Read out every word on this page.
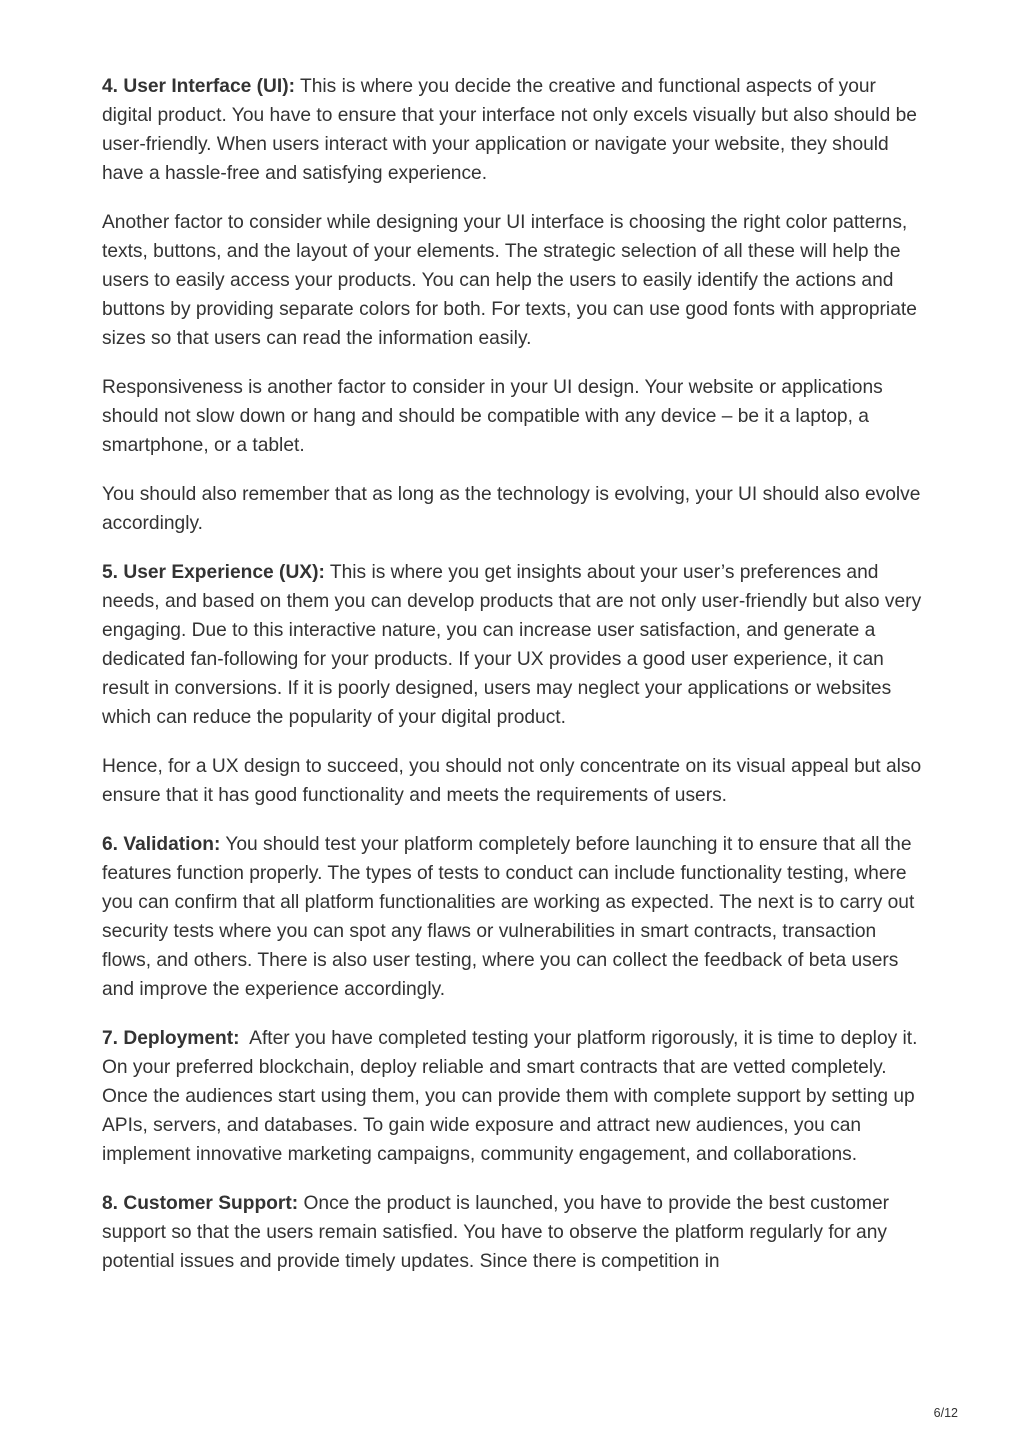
4. User Interface (UI): This is where you decide the creative and functional aspects of your digital product. You have to ensure that your interface not only excels visually but also should be user-friendly. When users interact with your application or navigate your website, they should have a hassle-free and satisfying experience.

Another factor to consider while designing your UI interface is choosing the right color patterns, texts, buttons, and the layout of your elements. The strategic selection of all these will help the users to easily access your products. You can help the users to easily identify the actions and buttons by providing separate colors for both. For texts, you can use good fonts with appropriate sizes so that users can read the information easily.

Responsiveness is another factor to consider in your UI design. Your website or applications should not slow down or hang and should be compatible with any device – be it a laptop, a smartphone, or a tablet.

You should also remember that as long as the technology is evolving, your UI should also evolve accordingly.

5. User Experience (UX): This is where you get insights about your user’s preferences and needs, and based on them you can develop products that are not only user-friendly but also very engaging. Due to this interactive nature, you can increase user satisfaction, and generate a dedicated fan-following for your products. If your UX provides a good user experience, it can result in conversions. If it is poorly designed, users may neglect your applications or websites which can reduce the popularity of your digital product.

Hence, for a UX design to succeed, you should not only concentrate on its visual appeal but also ensure that it has good functionality and meets the requirements of users.

6. Validation: You should test your platform completely before launching it to ensure that all the features function properly. The types of tests to conduct can include functionality testing, where you can confirm that all platform functionalities are working as expected. The next is to carry out security tests where you can spot any flaws or vulnerabilities in smart contracts, transaction flows, and others. There is also user testing, where you can collect the feedback of beta users and improve the experience accordingly.

7. Deployment:  After you have completed testing your platform rigorously, it is time to deploy it. On your preferred blockchain, deploy reliable and smart contracts that are vetted completely. Once the audiences start using them, you can provide them with complete support by setting up APIs, servers, and databases. To gain wide exposure and attract new audiences, you can implement innovative marketing campaigns, community engagement, and collaborations.

8. Customer Support: Once the product is launched, you have to provide the best customer support so that the users remain satisfied. You have to observe the platform regularly for any potential issues and provide timely updates. Since there is competition in

6/12
